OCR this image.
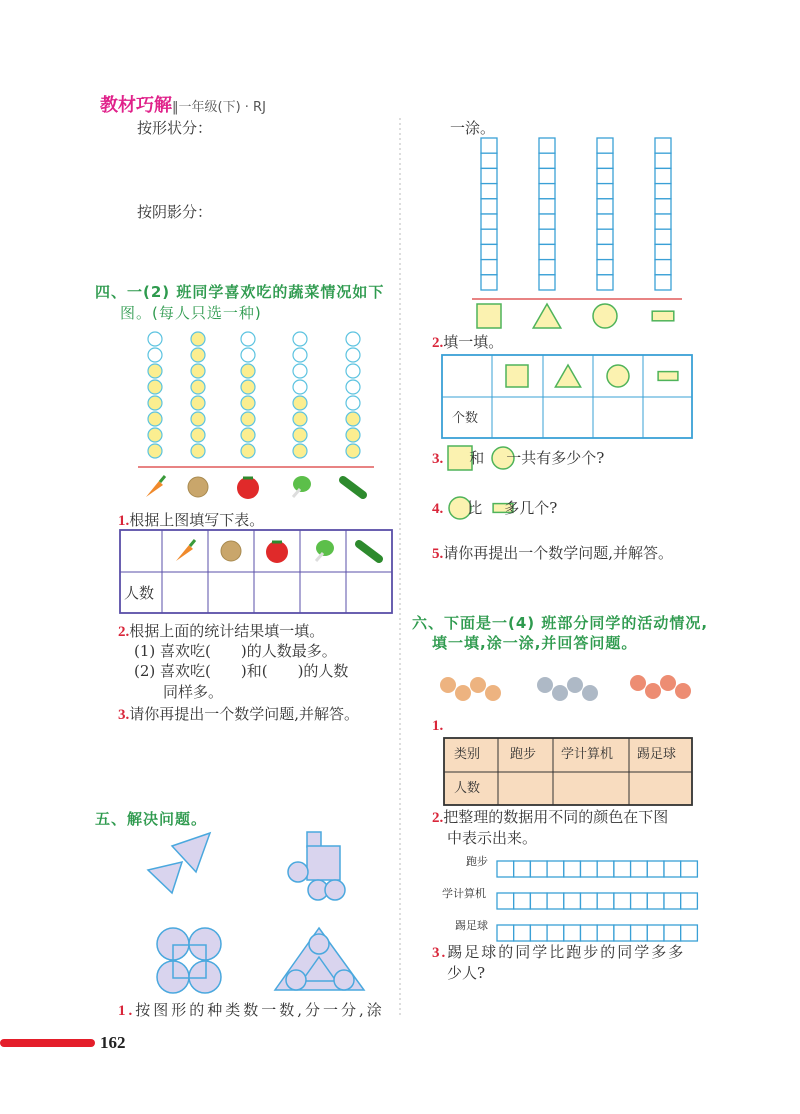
教材巧解‖一年级(下) · RJ
按形状分：
按阴影分：
四、一(2) 班同学喜欢吃的蔬菜情况如下
图。(每人只选一种)
1.根据上图填写下表。
人数
2.根据上面的统计结果填一填。
(1) 喜欢吃(　　)的人数最多。
(2) 喜欢吃(　　)和(　　)的人数
同样多。
3.请你再提出一个数学问题,并解答。
五、解决问题。
1.按图形的种类数一数,分一分,涂
一涂。
2.填一填。
个数
3. 和 一共有多少个?
4. 比 多几个?
5.请你再提出一个数学问题,并解答。
六、下面是一(4) 班部分同学的活动情况,
填一填,涂一涂,并回答问题。
1.
类别 跑步 学计算机 踢足球
人数
2.把整理的数据用不同的颜色在下图
中表示出来。
跑步
学计算机
踢足球
3.踢足球的同学比跑步的同学多多
少人?
162
